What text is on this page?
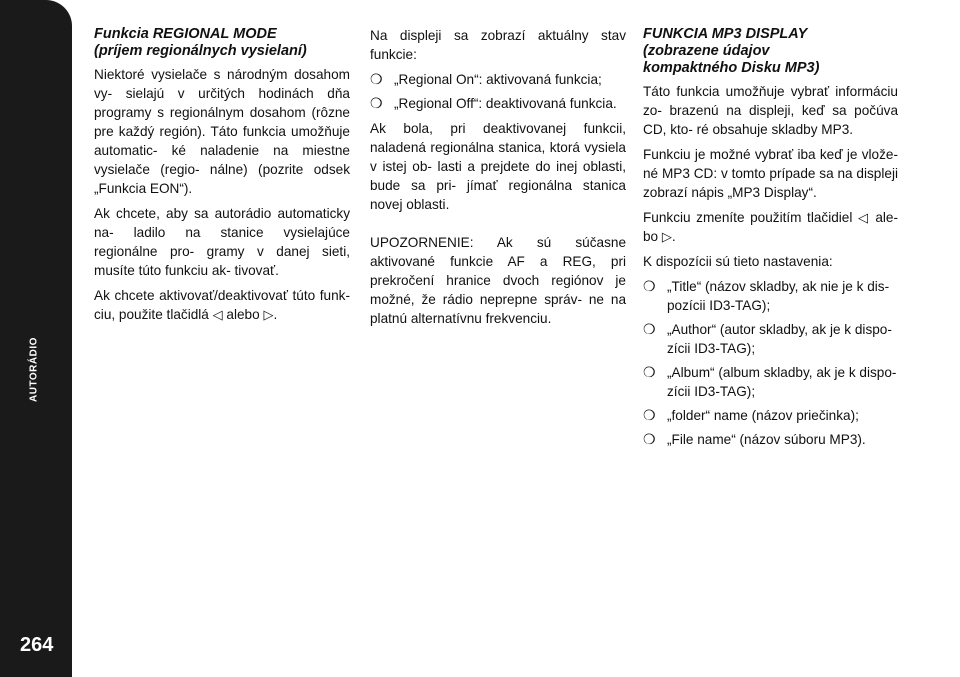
AUTORÁDIO
264
Funkcia REGIONAL MODE
(príjem regionálnych vysielaní)

Niektoré vysielače s národným dosahom vy- sielajú v určitých hodinách dňa programy s regionálnym dosahom (rôzne pre každý región). Táto funkcia umožňuje automatic- ké naladenie na miestne vysielače (regio- nálne) (pozrite odsek „Funkcia EON“).

Ak chcete, aby sa autorádio automaticky na- ladilo na stanice vysielajúce regionálne pro- gramy v danej sieti, musíte túto funkciu ak- tivovať.

Ak chcete aktivovať/deaktivovať túto funk- ciu, použite tlačidlá ◁ alebo ▷.

Na displeji sa zobrazí aktuálny stav funkcie:

❍ „Regional On“: aktivovaná funkcia;
❍ „Regional Off“: deaktivovaná funkcia.

Ak bola, pri deaktivovanej funkcii, naladená regionálna stanica, ktorá vysiela v istej ob- lasti a prejdete do inej oblasti, bude sa pri- jímať regionálna stanica novej oblasti.

UPOZORNENIE: Ak sú súčasne aktivované funkcie AF a REG, pri prekročení hranice dvoch regiónov je možné, že rádio neprepne správ- ne na platnú alternatívnu frekvenciu.

FUNKCIA MP3 DISPLAY
(zobrazene údajov
kompaktného Disku MP3)

Táto funkcia umožňuje vybrať informáciu zo- brazenú na displeji, keď sa počúva CD, kto- ré obsahuje skladby MP3.

Funkciu je možné vybrať iba keď je vlože- né MP3 CD: v tomto prípade sa na displeji zobrazí nápis „MP3 Display“.

Funkciu zmeníte použitím tlačidiel ◁ ale- bo ▷.

K dispozícii sú tieto nastavenia:

❍ „Title“ (názov skladby, ak nie je k dis- pozícii ID3-TAG);
❍ „Author“ (autor skladby, ak je k dispo- zícii ID3-TAG);
❍ „Album“ (album skladby, ak je k dispo- zícii ID3-TAG);
❍ „folder“ name (názov priečinka);
❍ „File name“ (názov súboru MP3).
